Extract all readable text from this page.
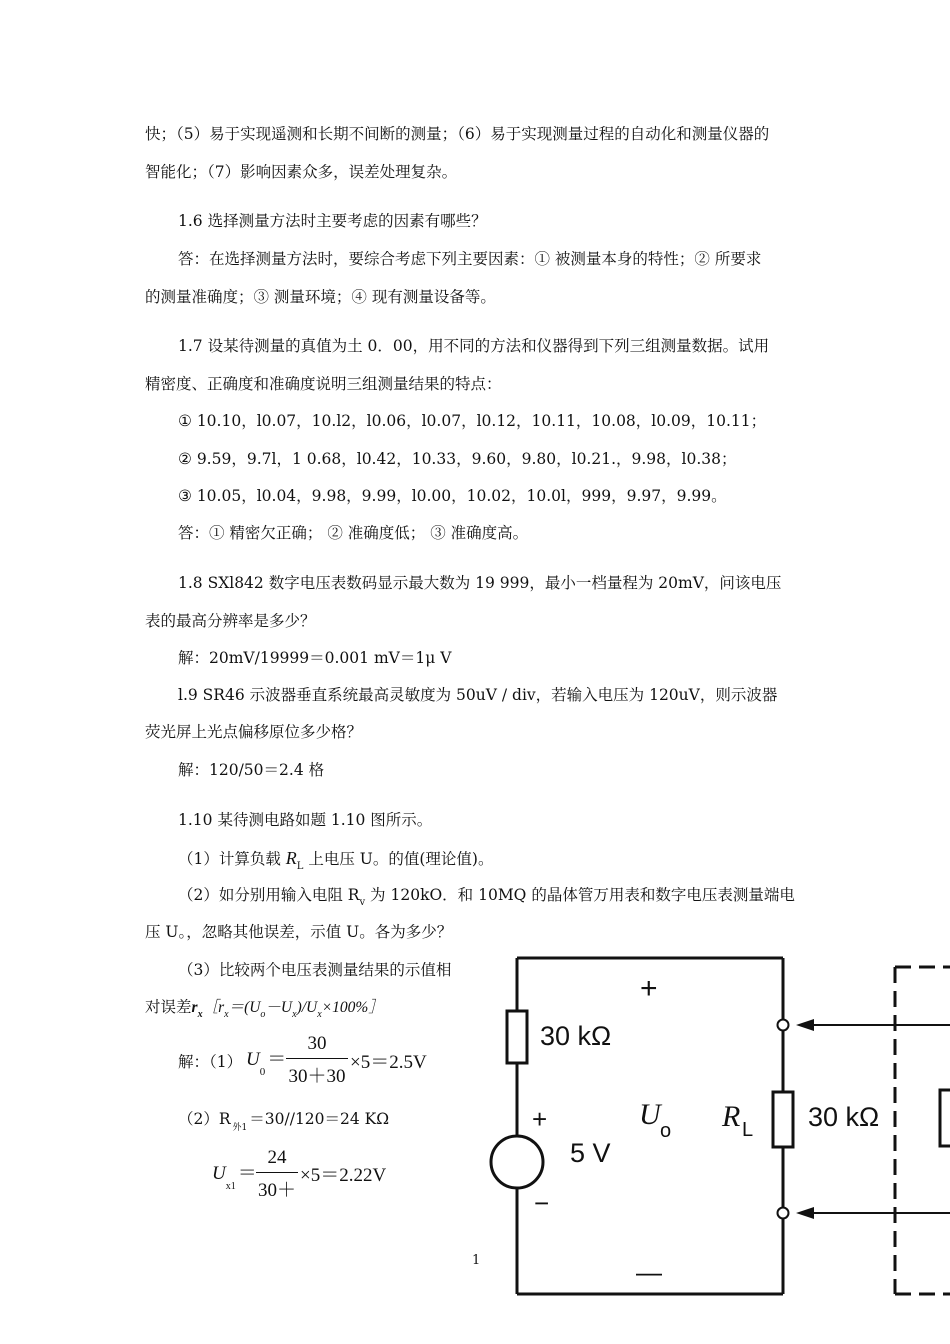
快；（5）易于实现遥测和长期不间断的测量；（6）易于实现测量过程的自动化和测量仪器的
智能化；（7）影响因素众多，误差处理复杂。
1.6 选择测量方法时主要考虑的因素有哪些？
答：在选择测量方法时，要综合考虑下列主要因素：① 被测量本身的特性；② 所要求
的测量准确度；③ 测量环境；④ 现有测量设备等。
1.7 设某待测量的真值为土 0．00，用不同的方法和仪器得到下列三组测量数据。试用
精密度、正确度和准确度说明三组测量结果的特点：
① 10.10，l0.07，10.l2，l0.06，l0.07，l0.12，10.11，10.08，l0.09，10.11；
② 9.59，9.7l，1 0.68，l0.42，10.33，9.60，9.80，l0.21.，9.98，l0.38；
③ 10.05，l0.04，9.98，9.99，l0.00，10.02，10.0l，999，9.97，9.99。
答：① 精密欠正确； ② 准确度低； ③ 准确度高。
1.8 SXl842 数字电压表数码显示最大数为 19 999，最小一档量程为 20mV，问该电压
表的最高分辨率是多少？
解：20mV/19999＝0.001 mV＝1μ V
l.9 SR46 示波器垂直系统最高灵敏度为 50uV / div，若输入电压为 120uV，则示波器
荧光屏上光点偏移原位多少格？
解：120/50＝2.4 格
1.10 某待测电路如题 1.10 图所示。
（1）计算负载 $R_L$ 上电压 U。的值(理论值)。
（2）如分别用输入电阻 $R_v$ 为 120kO．和 10MQ 的晶体管万用表和数字电压表测量端电
压 U。，忽略其他误差，示值 U。各为多少？
（3）比较两个电压表测量结果的示值相
对误差$r_x[r_x=(U_o-U_x)/U_x\times 100\%]$
解：（1） $U_0=$
30
30＋30
×5＝2.5V
（2）R $_{外1}$ ＝30//120＝24 KΩ
$U_{x1}=$
24
30＋
×5＝2.22V
1
+
30 kΩ
+
5 V
−
U o R L 30 kΩ
—
